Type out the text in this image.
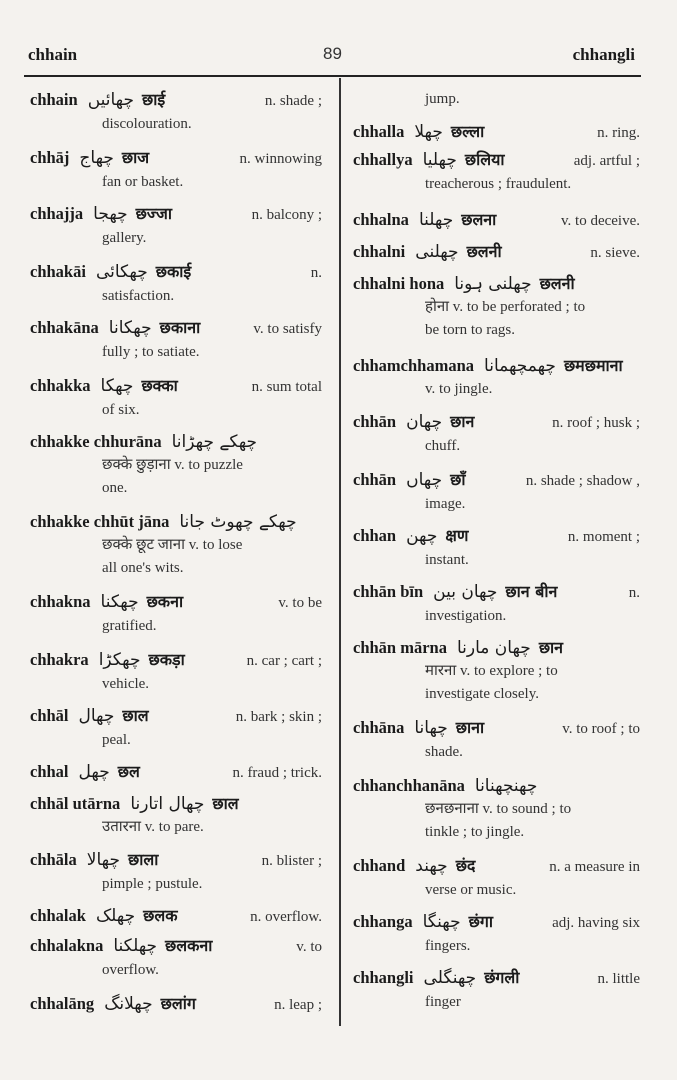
chhain	89	chhangli
chhain چھائیں छाई	n. shade ;
discolouration.
chhāj چھاج छाज	n. winnowing
fan or basket.
chhajja چھجا छज्जा	n. balcony ;
gallery.
chhakāi چھکائی छकाई	n.
satisfaction.
chhakāna چھکانا छकाना	v. to satisfy
fully ; to satiate.
chhakka چھکا छक्का	n. sum total
of six.
chhakke chhurāna چھکے چھڑانا
छक्के छुड़ाना v. to puzzle
one.
chhakke chhūt jāna چھکے چھوٹ جانا
छक्के छूट जाना v. to lose
all one's wits.
chhakna چھکنا छकना	v. to be
gratified.
chhakra چھکڑا छकड़ा	n. car ; cart ;
vehicle.
chhāl چھال छाल	n. bark ; skin ;
peal.
chhal چھل छल	n. fraud ; trick.
chhāl utārna چھال اتارنا छाल
उतारना v. to pare.
chhāla چھالا छाला	n. blister ;
pimple ; pustule.
chhalak چھلک छलक	n. overflow.
chhalakna چھلکنا छलकना	v. to
overflow.
chhalāng چھلانگ छलांग	n. leap ;
jump.
chhalla چھلا छल्ला	n. ring.
chhallya چھلیا छलिया	adj. artful ;
treacherous ; fraudulent.
chhalna چھلنا छलना	v. to deceive.
chhalni چھلنی छलनी	n. sieve.
chhalni hona چھلنی ہونا छलनी
होना v. to be perforated ; to
be torn to rags.
chhamchhamana چھمچھمانا छमछमाना
v. to jingle.
chhān چھان छान	n. roof ; husk ;
chuff.
chhān چھاں छाँ	n. shade ; shadow ,
image.
chhan چھن क्षण	n. moment ;
instant.
chhān bīn چھان بین छान बीन	n.
investigation.
chhān mārna چھان مارنا छान
मारना v. to explore ; to
investigate closely.
chhāna چھانا छाना	v. to roof ; to
shade.
chhanchhanāna چھنچھنانا
छनछनाना v. to sound ; to
tinkle ; to jingle.
chhand چھند छंद	n. a measure in
verse or music.
chhanga چھنگا छंगा	adj. having six
fingers.
chhangli چھنگلی छंगली	n. little
finger
